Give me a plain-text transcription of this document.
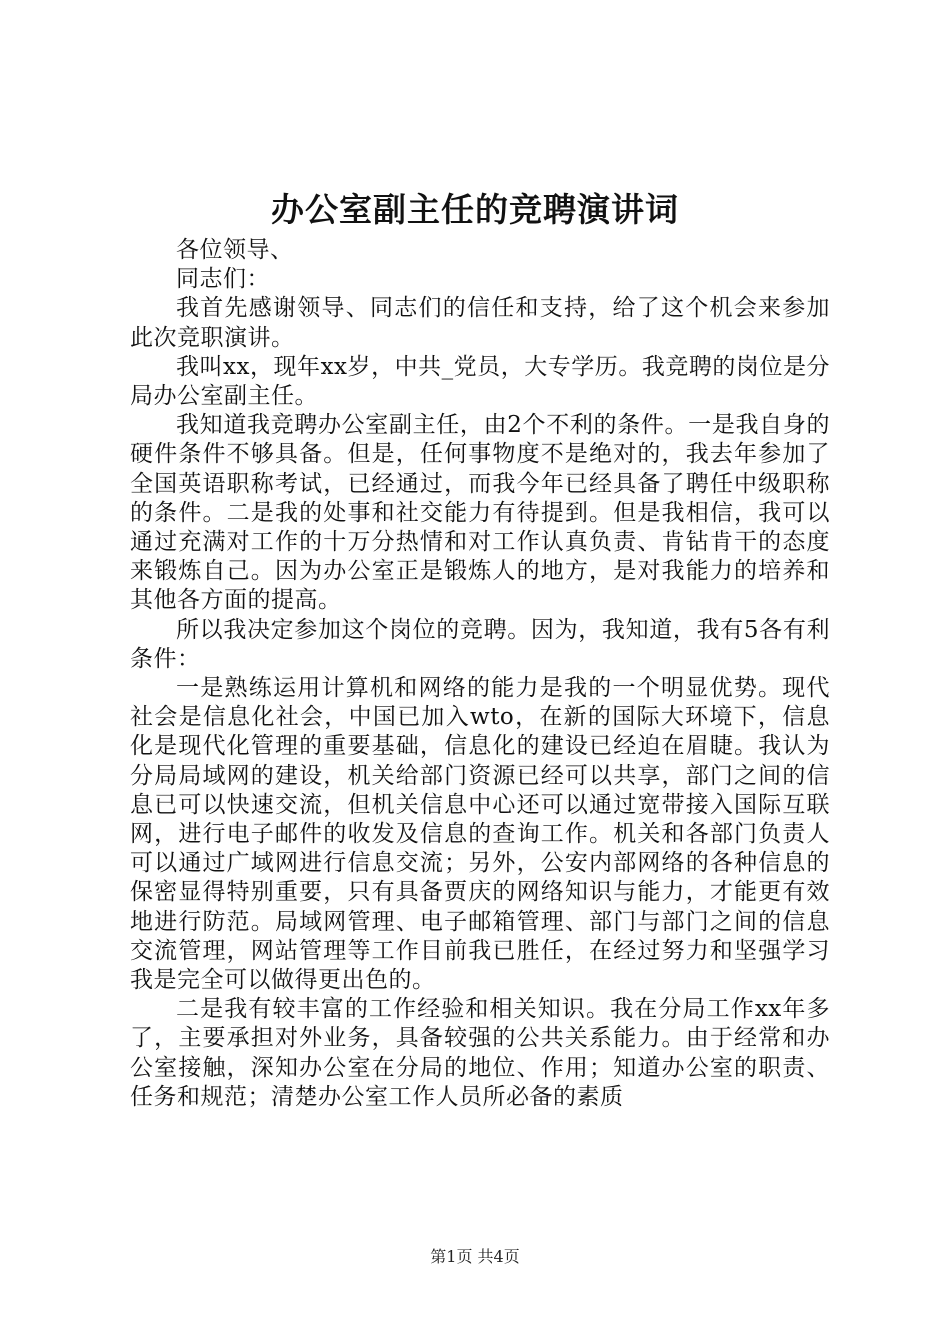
办公室副主任的竞聘演讲词

各位领导、

同志们：

我首先感谢领导、同志们的信任和支持，给了这个机会来参加此次竞职演讲。

我叫xx，现年xx岁，中共_党员，大专学历。我竞聘的岗位是分局办公室副主任。

我知道我竞聘办公室副主任，由2个不利的条件。一是我自身的硬件条件不够具备。但是，任何事物度不是绝对的，我去年参加了全国英语职称考试，已经通过，而我今年已经具备了聘任中级职称的条件。二是我的处事和社交能力有待提到。但是我相信，我可以通过充满对工作的十万分热情和对工作认真负责、肯钻肯干的态度来锻炼自己。因为办公室正是锻炼人的地方，是对我能力的培养和其他各方面的提高。

所以我决定参加这个岗位的竞聘。因为，我知道，我有5各有利条件：

一是熟练运用计算机和网络的能力是我的一个明显优势。现代社会是信息化社会，中国已加入wto，在新的国际大环境下，信息化是现代化管理的重要基础，信息化的建设已经迫在眉睫。我认为分局局域网的建设，机关给部门资源已经可以共享，部门之间的信息已可以快速交流，但机关信息中心还可以通过宽带接入国际互联网，进行电子邮件的收发及信息的查询工作。机关和各部门负责人可以通过广域网进行信息交流；另外，公安内部网络的各种信息的保密显得特别重要，只有具备贾庆的网络知识与能力，才能更有效地进行防范。局域网管理、电子邮箱管理、部门与部门之间的信息交流管理，网站管理等工作目前我已胜任，在经过努力和坚强学习我是完全可以做得更出色的。

二是我有较丰富的工作经验和相关知识。我在分局工作xx年多了，主要承担对外业务，具备较强的公共关系能力。由于经常和办公室接触，深知办公室在分局的地位、作用；知道办公室的职责、任务和规范；清楚办公室工作人员所必备的素质

第1页 共4页
